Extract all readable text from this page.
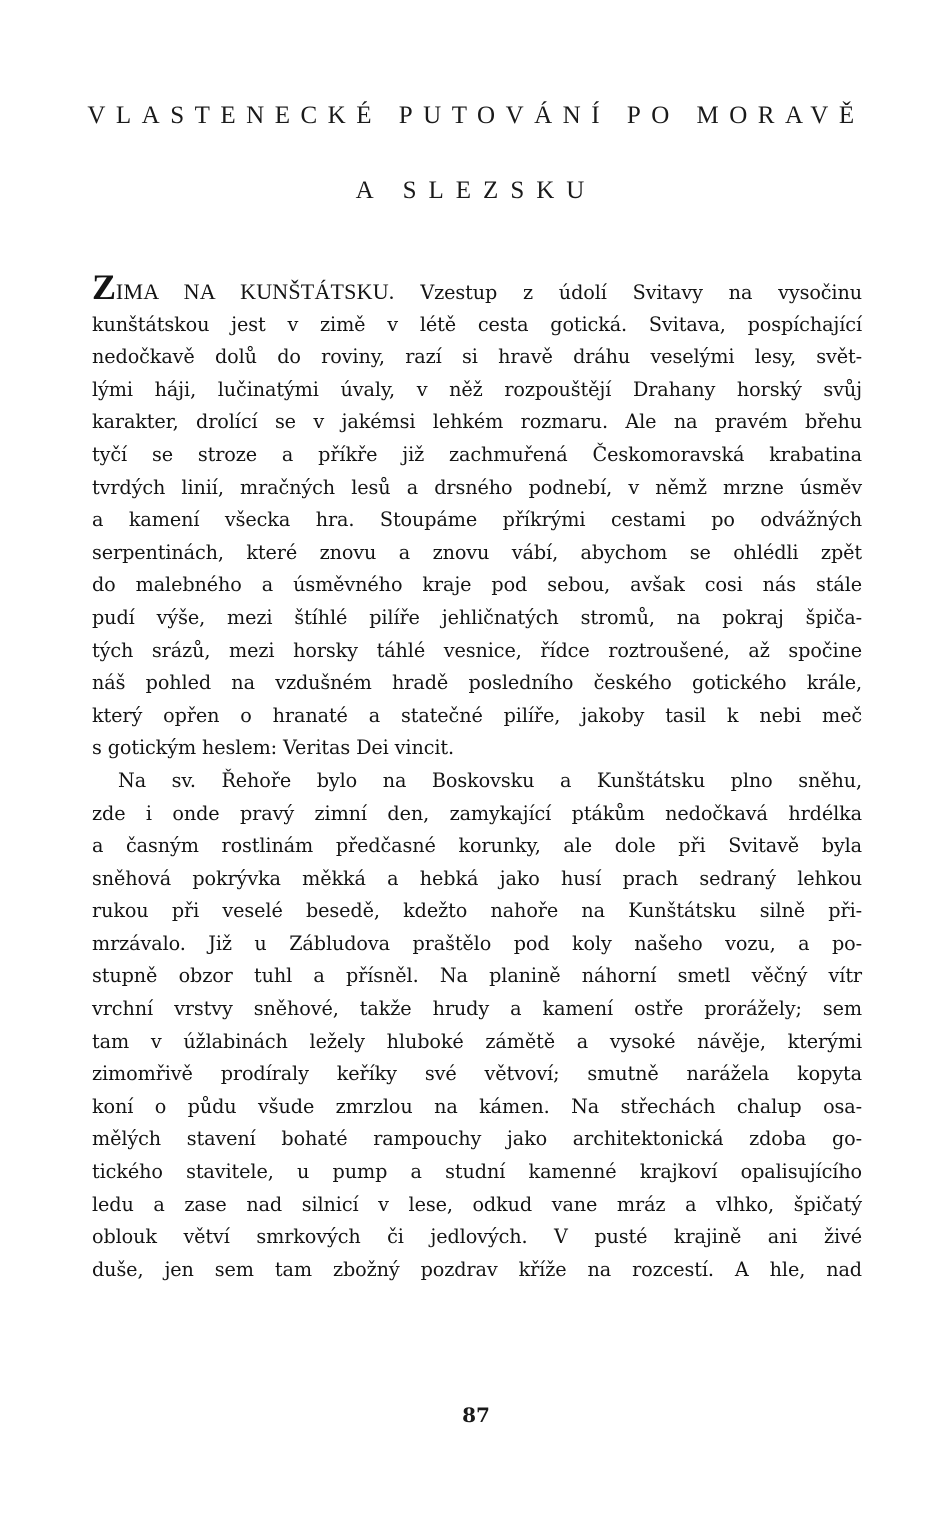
VLASTENECKÉ PUTOVÁNÍ PO MORAVĚ
A SLEZSKU
ZIMA NA KUNŠTÁTSKU. Vzestup z údolí Svitavy na vysočinu
kunštátskou jest v zimě v létě cesta gotická. Svitava, pospíchající
nedočkavě dolů do roviny, razí si hravě dráhu veselými lesy, svět-
lými háji, lučinatými úvaly, v něž rozpouštějí Drahany horský svůj
karakter, drolící se v jakémsi lehkém rozmaru. Ale na pravém břehu
tyčí se stroze a příkře již zachmuřená Českomoravská krabatina
tvrdých linií, mračných lesů a drsného podnebí, v němž mrzne úsměv
a kamení všecka hra. Stoupáme příkrými cestami po odvážných
serpentinách, které znovu a znovu vábí, abychom se ohlédli zpět
do malebného a úsměvného kraje pod sebou, avšak cosi nás stále
pudí výše, mezi štíhlé pilíře jehličnatých stromů, na pokraj špiča-
tých srázů, mezi horsky táhlé vesnice, řídce roztroušené, až spočine
náš pohled na vzdušném hradě posledního českého gotického krále,
který opřen o hranaté a statečné pilíře, jakoby tasil k nebi meč
s gotickým heslem: Veritas Dei vincit.
Na sv. Řehoře bylo na Boskovsku a Kunštátsku plno sněhu,
zde i onde pravý zimní den, zamykající ptákům nedočkavá hrdélka
a časným rostlinám předčasné korunky, ale dole při Svitavě byla
sněhová pokrývka měkká a hebká jako husí prach sedraný lehkou
rukou při veselé besedě, kdežto nahoře na Kunštátsku silně při-
mrzávalo. Již u Zábludova praštělo pod koly našeho vozu, a po-
stupně obzor tuhl a přísněl. Na planině náhorní smetl věčný vítr
vrchní vrstvy sněhové, takže hrudy a kamení ostře prorážely; sem
tam v úžlabinách ležely hluboké zámětě a vysoké návěje, kterými
zimomřivě prodíraly keříky své větvoví; smutně narážela kopyta
koní o půdu všude zmrzlou na kámen. Na střechách chalup osa-
mělých stavení bohaté rampouchy jako architektonická zdoba go-
tického stavitele, u pump a studní kamenné krajkoví opalisujícího
ledu a zase nad silnicí v lese, odkud vane mráz a vlhko, špičatý
oblouk větví smrkových či jedlových. V pusté krajině ani živé
duše, jen sem tam zbožný pozdrav kříže na rozcestí. A hle, nad
87
